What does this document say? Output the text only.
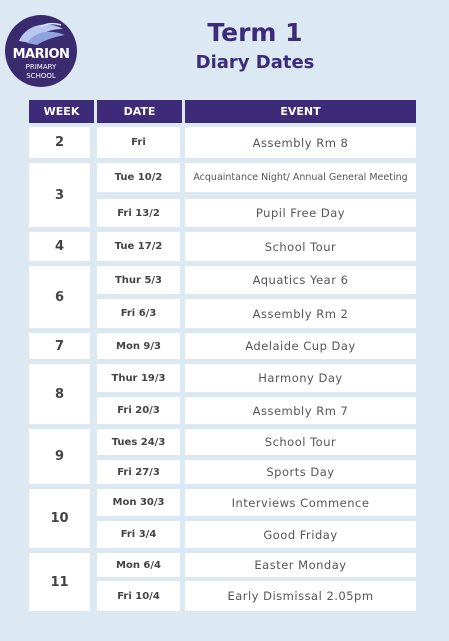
MARION
PRIMARY
SCHOOL
Term 1
Diary Dates
WEEK	DATE	EVENT
2
3
4
6
7
8
9
10
11
Fri
Tue 10/2
Fri 13/2
Tue 17/2
Thur 5/3
Fri 6/3
Mon 9/3
Thur 19/3
Fri 20/3
Tues 24/3
Fri 27/3
Mon 30/3
Fri 3/4
Mon 6/4
Fri 10/4
Assembly Rm 8
Acquaintance Night/ Annual General Meeting
Pupil Free Day
School Tour
Aquatics Year 6
Assembly Rm 2
Adelaide Cup Day
Harmony Day
Assembly Rm 7
School Tour
Sports Day
Interviews Commence
Good Friday
Easter Monday
Early Dismissal 2.05pm
